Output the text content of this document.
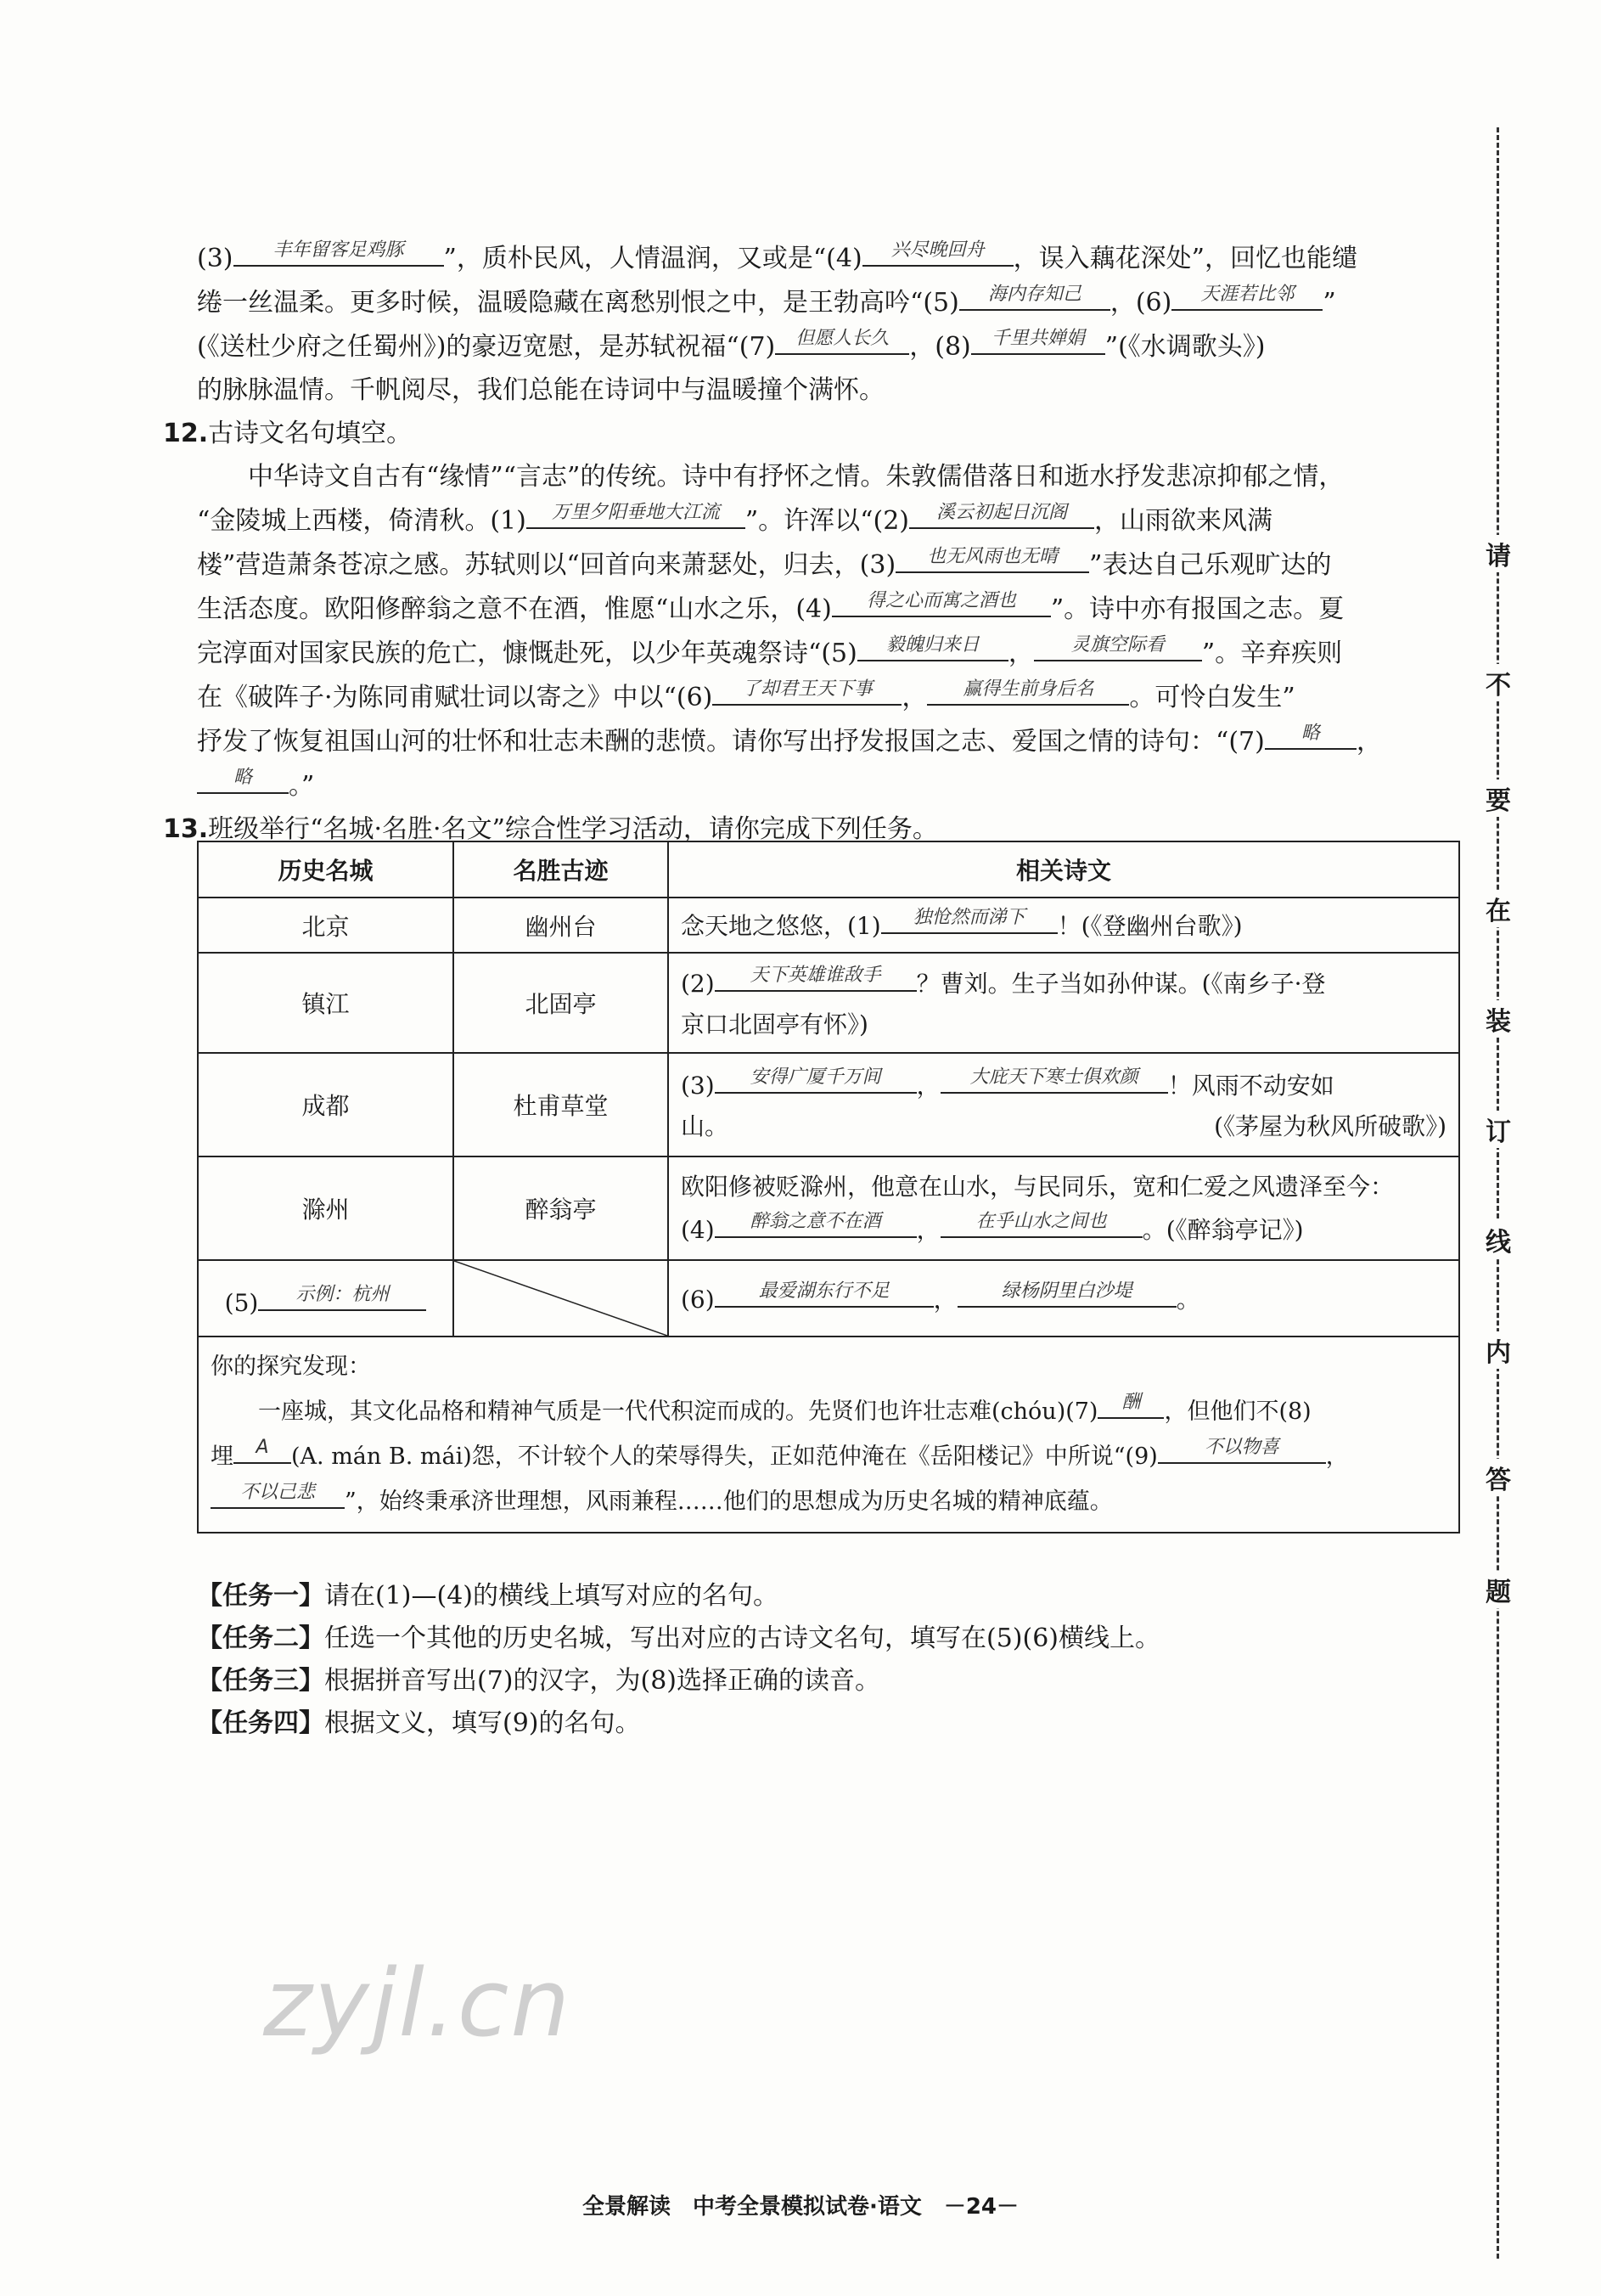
(3) 丰年留客足鸡豚 ”，质朴民风，人情温润，又或是“(4) 兴尽晚回舟 ，误入藕花深处”，回忆也能缱
绻一丝温柔。更多时候，温暖隐藏在离愁别恨之中，是王勃高吟“(5) 海内存知己 ，(6) 天涯若比邻 ”
(《送杜少府之任蜀州》)的豪迈宽慰，是苏轼祝福“(7) 但愿人长久 ，(8) 千里共婵娟 ”(《水调歌头》)
的脉脉温情。千帆阅尽，我们总能在诗词中与温暖撞个满怀。
12.古诗文名句填空。
中华诗文自古有“缘情”“言志”的传统。诗中有抒怀之情。朱敦儒借落日和逝水抒发悲凉抑郁之情，
“金陵城上西楼，倚清秋。(1) 万里夕阳垂地大江流 ”。许浑以“(2) 溪云初起日沉阁 ，山雨欲来风满
楼”营造萧条苍凉之感。苏轼则以“回首向来萧瑟处，归去，(3) 也无风雨也无晴 ”表达自己乐观旷达的
生活态度。欧阳修醉翁之意不在酒，惟愿“山水之乐，(4) 得之心而寓之酒也 ”。诗中亦有报国之志。夏
完淳面对国家民族的危亡，慷慨赴死，以少年英魂祭诗“(5) 毅魄归来日 ， 灵旗空际看 ”。辛弃疾则
在《破阵子·为陈同甫赋壮词以寄之》中以“(6) 了却君王天下事 ， 赢得生前身后名 。可怜白发生”
抒发了恢复祖国山河的壮怀和壮志未酬的悲愤。请你写出抒发报国之志、爱国之情的诗句：“(7) 略 ，
略 。”
13.班级举行“名城·名胜·名文”综合性学习活动，请你完成下列任务。
历史名城	名胜古迹	相关诗文
北京	幽州台	念天地之悠悠，(1) 独怆然而涕下 ！(《登幽州台歌》)
镇江	北固亭	(2) 天下英雄谁敌手 ？曹刘。生子当如孙仲谋。(《南乡子·登
京口北固亭有怀》)
成都	杜甫草堂	(3) 安得广厦千万间 ， 大庇天下寒士俱欢颜 ！风雨不动安如
山。 (《茅屋为秋风所破歌》)

滁州	醉翁亭	欧阳修被贬滁州，他意在山水，与民同乐，宽和仁爱之风遗泽至今：
(4) 醉翁之意不在酒 ， 在乎山水之间也 。(《醉翁亭记》)
(5) 示例：杭州		(6) 最爱湖东行不足 ， 绿杨阴里白沙堤 。

你的探究发现：
一座城，其文化品格和精神气质是一代代积淀而成的。先贤们也许壮志难(chóu)(7) 酬 ，但他们不(8)
埋 A (A. mán B. mái)怨，不计较个人的荣辱得失，正如范仲淹在《岳阳楼记》中所说“(9) 不以物喜 ，
不以己悲 ”，始终秉承济世理想，风雨兼程……他们的思想成为历史名城的精神底蕴。		
【任务一】请在(1)—(4)的横线上填写对应的名句。
【任务二】任选一个其他的历史名城，写出对应的古诗文名句，填写在(5)(6)横线上。
【任务三】根据拼音写出(7)的汉字，为(8)选择正确的读音。
【任务四】根据文义，填写(9)的名句。
请
不
要
在
装
订
线
内
答
题
zyjl.cn
全景解读　中考全景模拟试卷·语文　－24－
